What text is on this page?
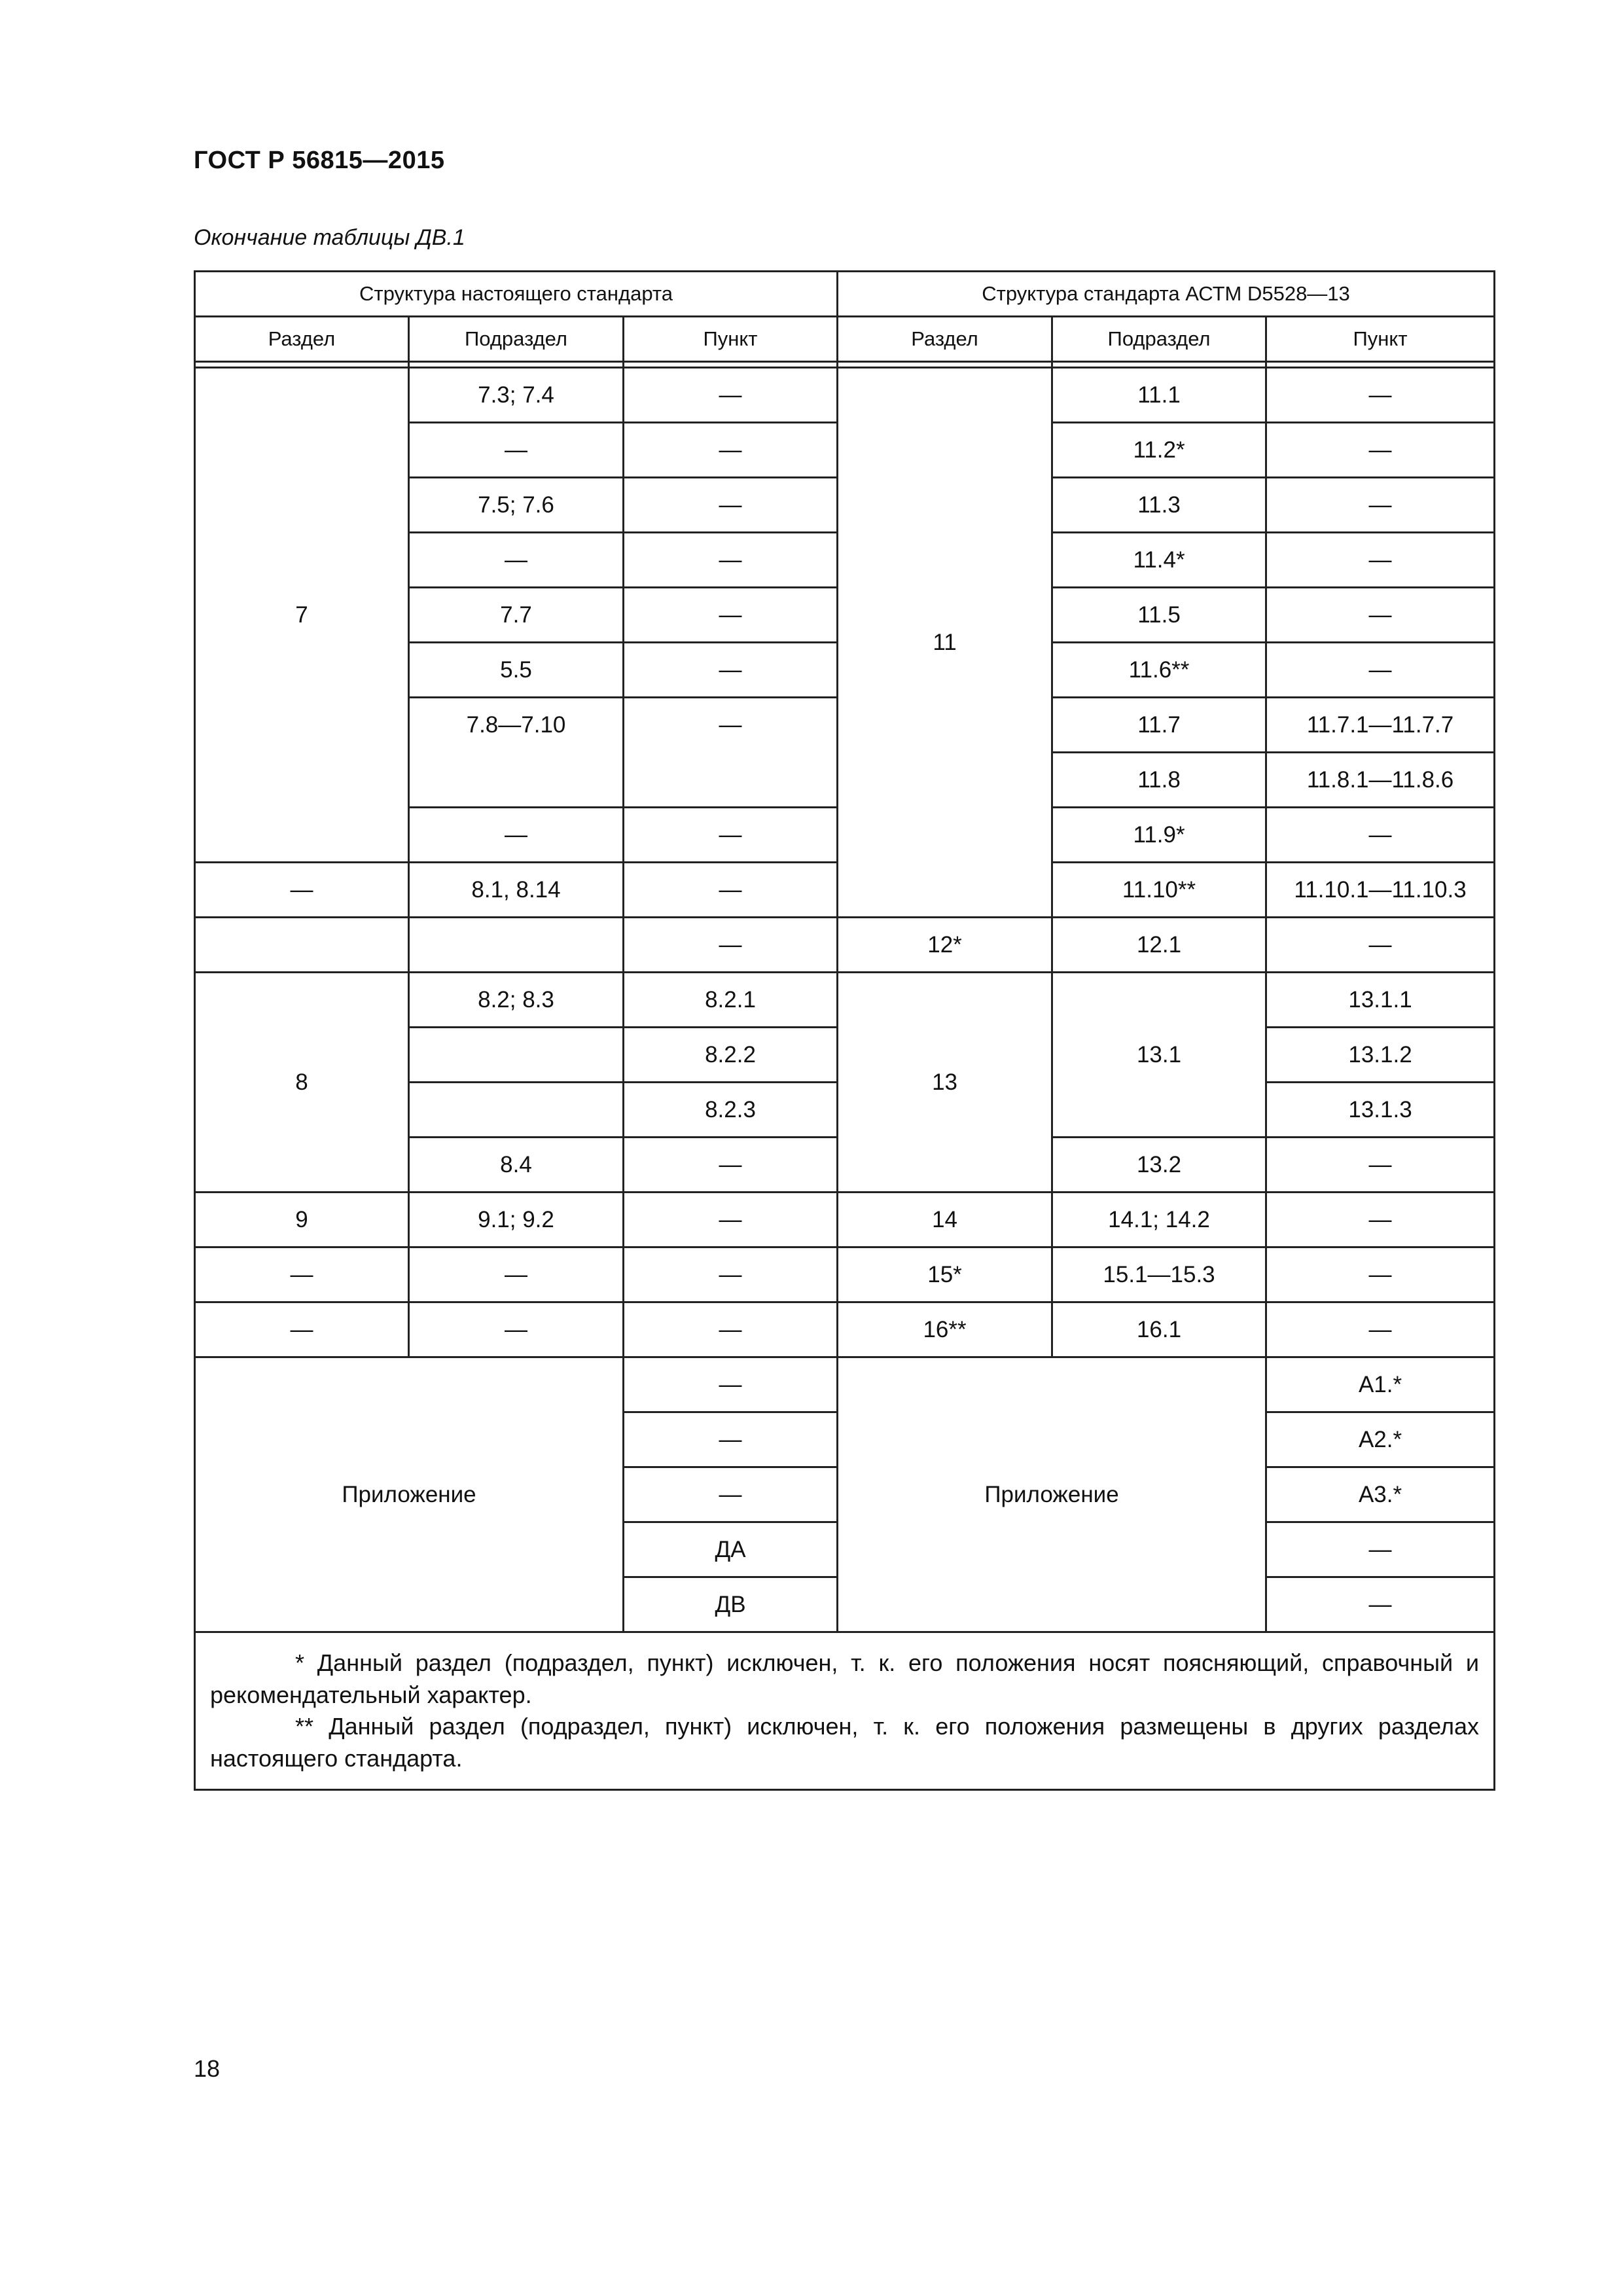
ГОСТ Р 56815—2015
Окончание таблицы ДВ.1
Структура настоящего стандарта			Структура стандарта АСТМ D5528—13		
Раздел	Подраздел	Пункт	Раздел	Подраздел	Пункт

7	7.3; 7.4	—	11	11.1	—
	—	—		11.2*	—
	7.5; 7.6	—		11.3	—
	—	—		11.4*	—
	7.7	—		11.5	—
	5.5	—		11.6**	—
	7.8—7.10	—		11.7	11.7.1—11.7.7
				11.8	11.8.1—11.8.6
	—	—		11.9*	—
—	8.1, 8.14	—		11.10**	11.10.1—11.10.3
		—	12*	12.1	—
8	8.2; 8.3	8.2.1	13	13.1	13.1.1
		8.2.2			13.1.2
		8.2.3			13.1.3
	8.4	—		13.2	—
9	9.1; 9.2	—	14	14.1; 14.2	—
—	—	—	15*	15.1—15.3	—
—	—	—	16**	16.1	—
Приложение		—	Приложение		А1.*
		—			А2.*
		—			А3.*
		ДА			—
		ДВ			—

* Данный раздел (подраздел, пункт) исключен, т. к. его положения носят поясняющий, справочный и рекомендательный характер.
** Данный раздел (подраздел, пункт) исключен, т. к. его положения размещены в других разделах настоящего стандарта.					
18
